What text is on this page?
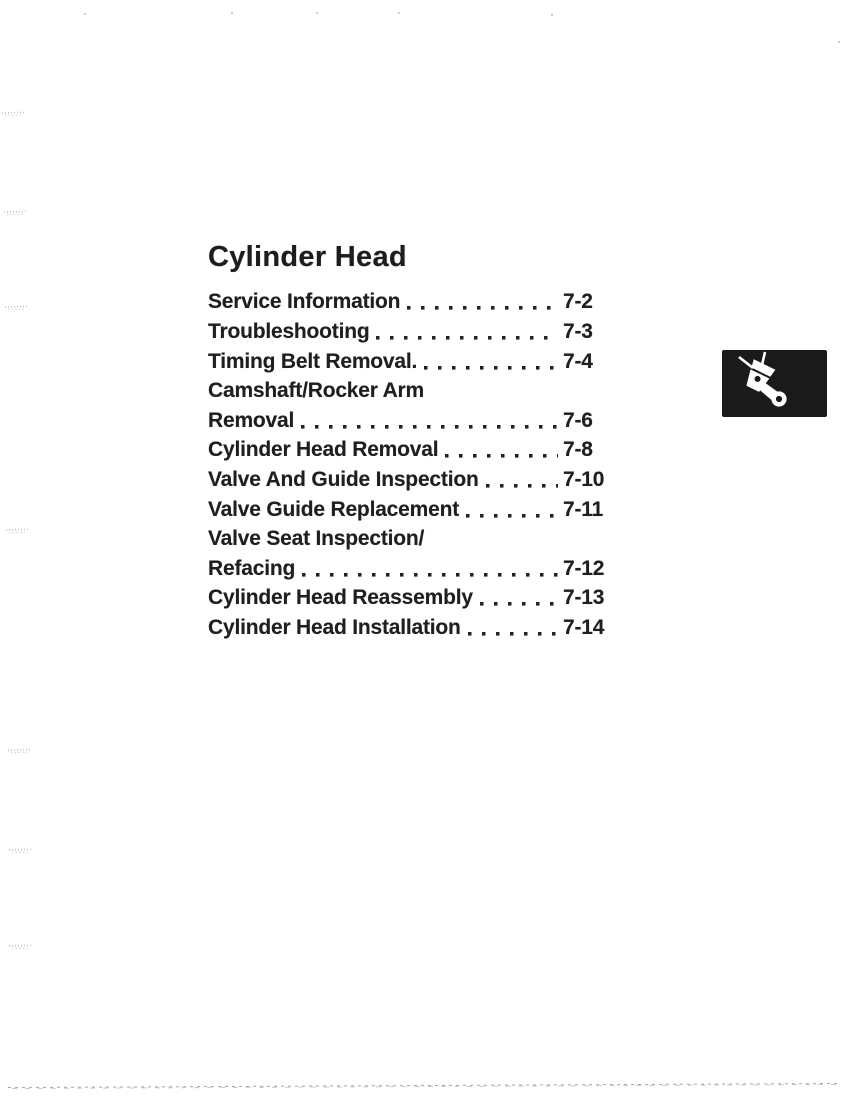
Cylinder Head
Service Information	7-2
Troubleshooting	7-3
Timing Belt Removal.	7-4
Camshaft/Rocker Arm
Removal	7-6
Cylinder Head Removal	7-8
Valve And Guide Inspection	7-10
Valve Guide Replacement	7-11
Valve Seat Inspection/
Refacing	7-12
Cylinder Head Reassembly	7-13
Cylinder Head Installation	7-14
